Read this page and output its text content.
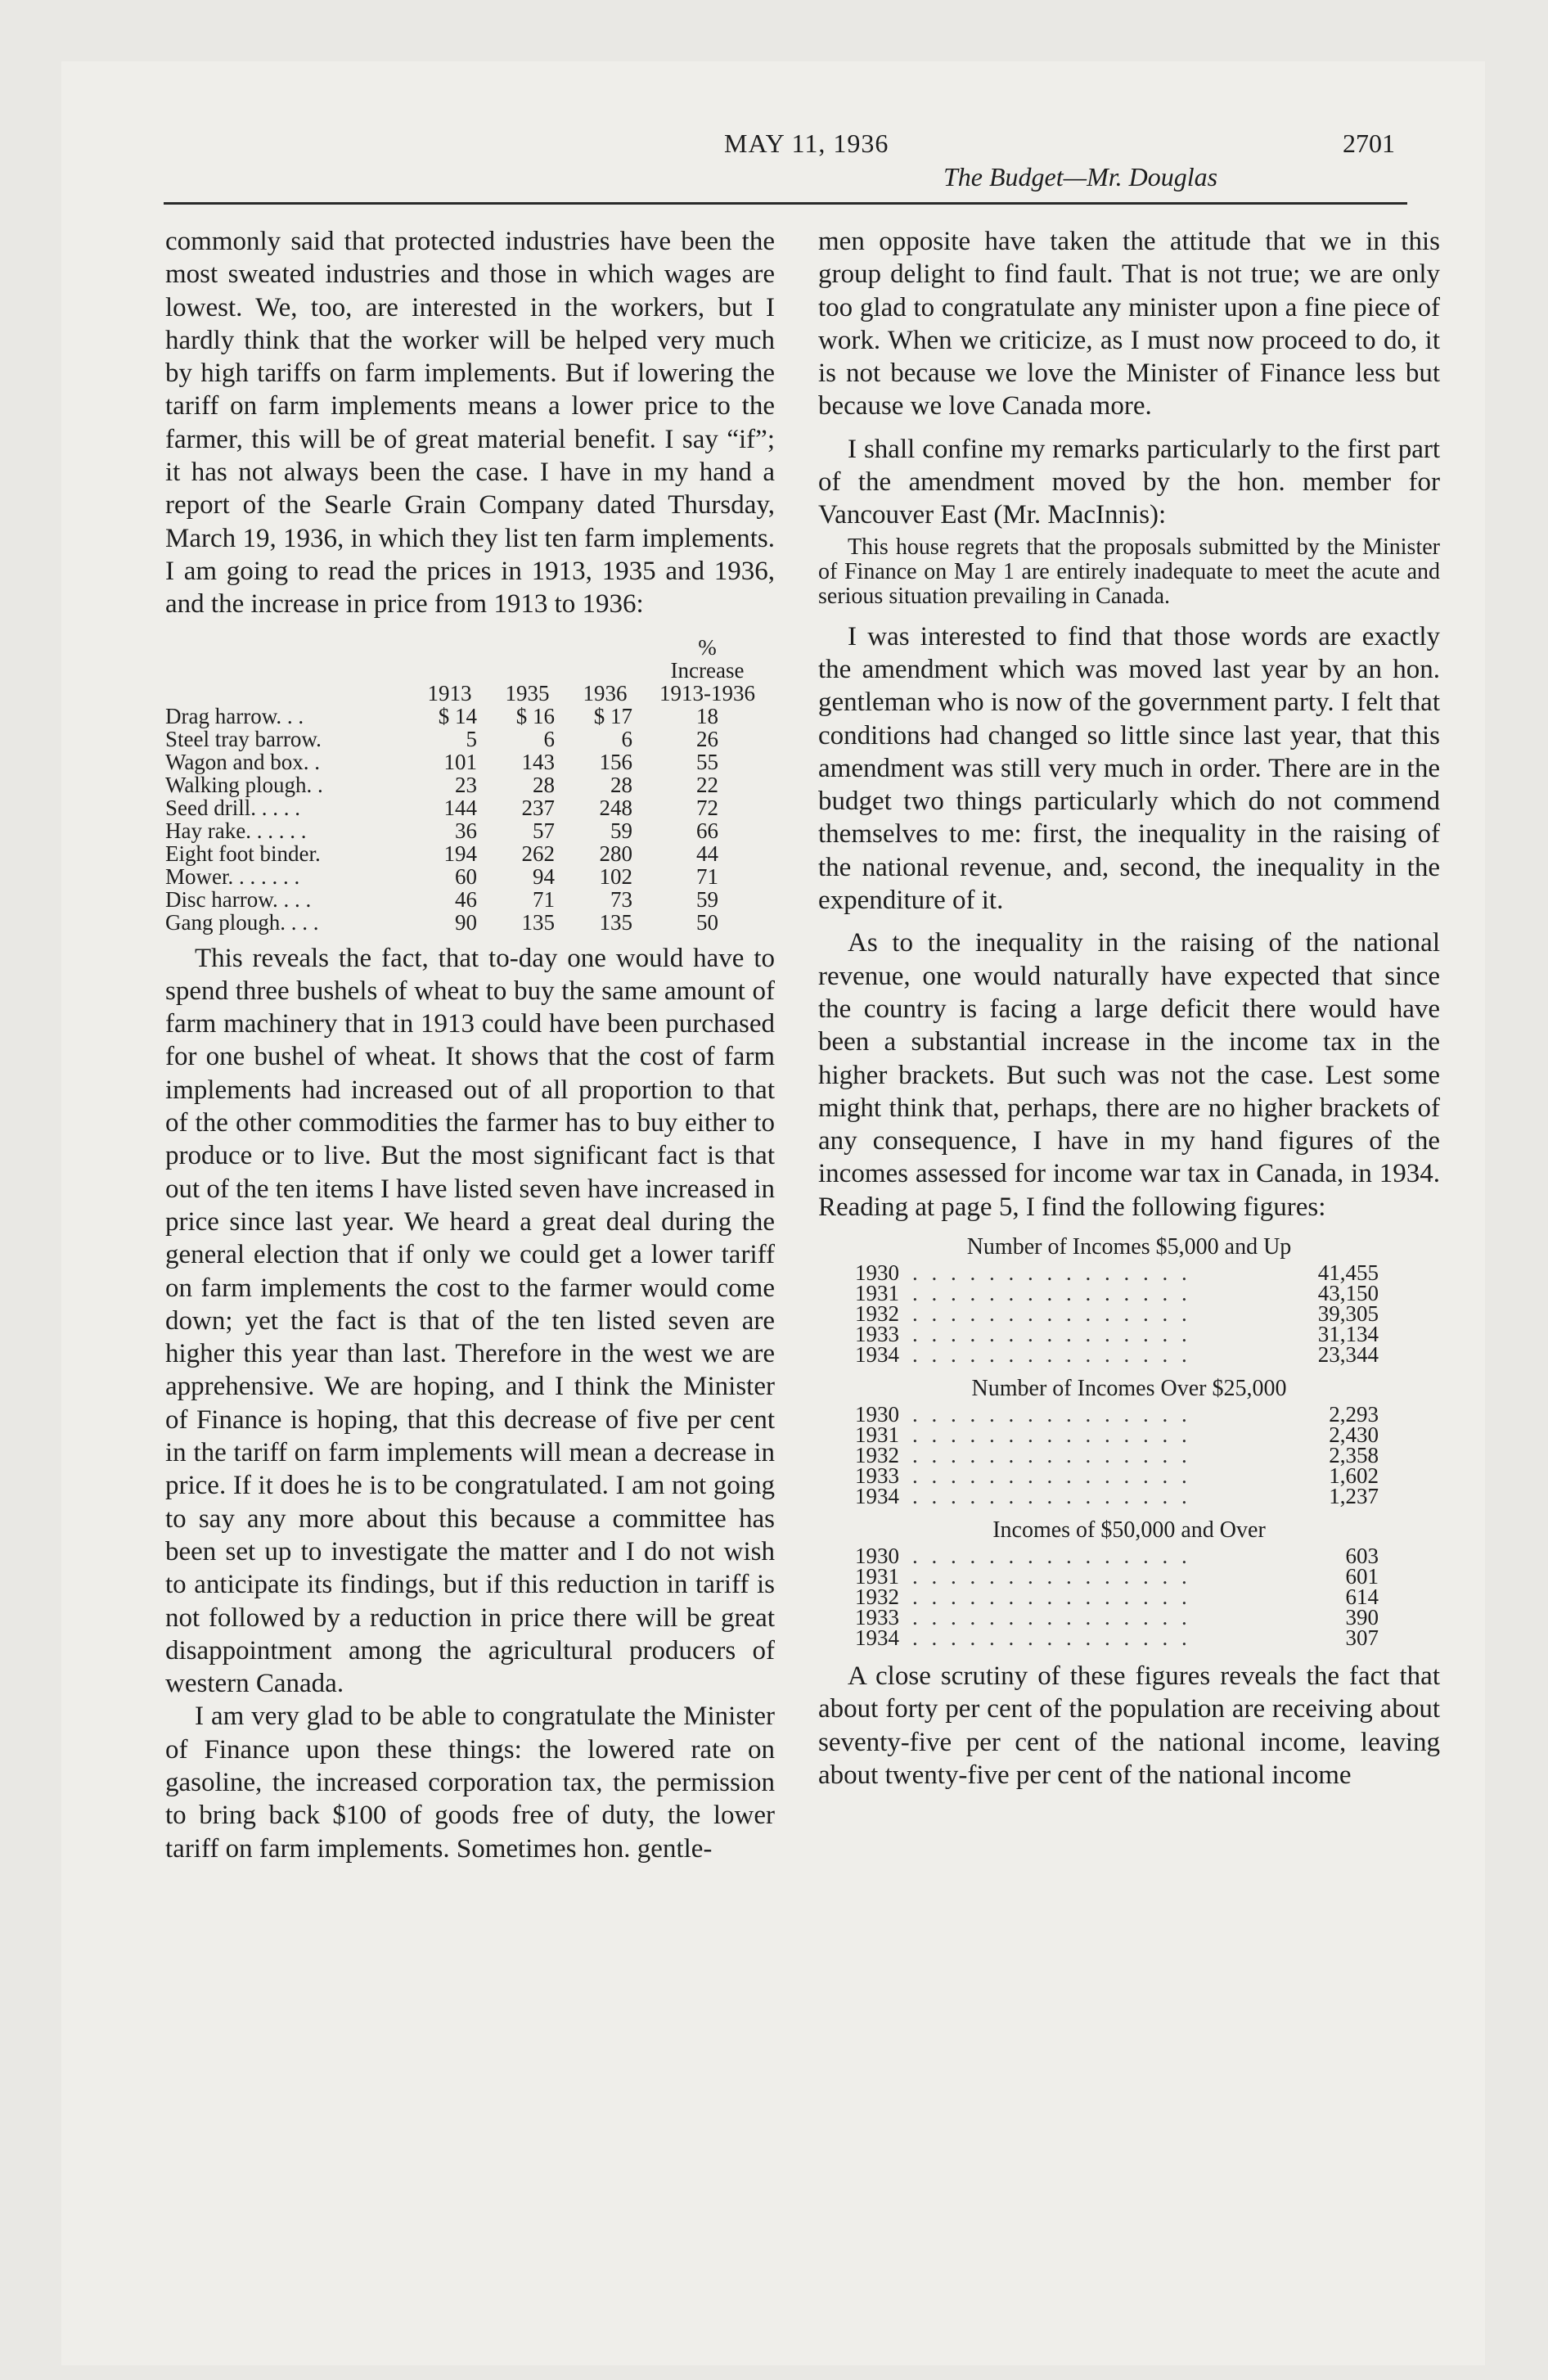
MAY 11, 1936	2701
The Budget—Mr. Douglas

commonly said that protected industries have been the most sweated industries and those in which wages are lowest. We, too, are interested in the workers, but I hardly think that the worker will be helped very much by high tariffs on farm implements. But if lowering the tariff on farm implements means a lower price to the farmer, this will be of great material benefit. I say “if”; it has not always been the case. I have in my hand a report of the Searle Grain Company dated Thursday, March 19, 1936, in which they list ten farm implements. I am going to read the prices in 1913, 1935 and 1936, and the increase in price from 1913 to 1936:

				%
				Increase
	1913	1935	1936	1913-1936
Drag harrow. . .	$ 14	$ 16	$ 17	18
Steel tray barrow.	5	6	6	26
Wagon and box. .	101	143	156	55
Walking plough. .	23	28	28	22
Seed drill. . . . .	144	237	248	72
Hay rake. . . . . .	36	57	59	66
Eight foot binder.	194	262	280	44
Mower. . . . . . .	60	94	102	71
Disc harrow. . . .	46	71	73	59
Gang plough. . . .	90	135	135	50

This reveals the fact, that to-day one would have to spend three bushels of wheat to buy the same amount of farm machinery that in 1913 could have been purchased for one bushel of wheat. It shows that the cost of farm implements had increased out of all proportion to that of the other commodities the farmer has to buy either to produce or to live. But the most significant fact is that out of the ten items I have listed seven have increased in price since last year. We heard a great deal during the general election that if only we could get a lower tariff on farm implements the cost to the farmer would come down; yet the fact is that of the ten listed seven are higher this year than last. Therefore in the west we are apprehensive. We are hoping, and I think the Minister of Finance is hoping, that this decrease of five per cent in the tariff on farm implements will mean a decrease in price. If it does he is to be congratulated. I am not going to say any more about this because a committee has been set up to investigate the matter and I do not wish to anticipate its findings, but if this reduction in tariff is not followed by a reduction in price there will be great disappointment among the agricultural producers of western Canada.

I am very glad to be able to congratulate the Minister of Finance upon these things: the lowered rate on gasoline, the increased corporation tax, the permission to bring back $100 of goods free of duty, the lower tariff on farm implements. Sometimes hon. gentle-

men opposite have taken the attitude that we in this group delight to find fault. That is not true; we are only too glad to congratulate any minister upon a fine piece of work. When we criticize, as I must now proceed to do, it is not because we love the Minister of Finance less but because we love Canada more.

I shall confine my remarks particularly to the first part of the amendment moved by the hon. member for Vancouver East (Mr. MacInnis):

This house regrets that the proposals submitted by the Minister of Finance on May 1 are entirely inadequate to meet the acute and serious situation prevailing in Canada.

I was interested to find that those words are exactly the amendment which was moved last year by an hon. gentleman who is now of the government party. I felt that conditions had changed so little since last year, that this amendment was still very much in order. There are in the budget two things particularly which do not commend themselves to me: first, the inequality in the raising of the national revenue, and, second, the inequality in the expenditure of it.

As to the inequality in the raising of the national revenue, one would naturally have expected that since the country is facing a large deficit there would have been a substantial increase in the income tax in the higher brackets. But such was not the case. Lest some might think that, perhaps, there are no higher brackets of any consequence, I have in my hand figures of the incomes assessed for income war tax in Canada, in 1934. Reading at page 5, I find the following figures:

Number of Incomes $5,000 and Up
1930	. . . . . . . . . . . . . . .	41,455
1931	. . . . . . . . . . . . . . .	43,150
1932	. . . . . . . . . . . . . . .	39,305
1933	. . . . . . . . . . . . . . .	31,134
1934	. . . . . . . . . . . . . . .	23,344
Number of Incomes Over $25,000
1930	. . . . . . . . . . . . . . .	2,293
1931	. . . . . . . . . . . . . . .	2,430
1932	. . . . . . . . . . . . . . .	2,358
1933	. . . . . . . . . . . . . . .	1,602
1934	. . . . . . . . . . . . . . .	1,237
Incomes of $50,000 and Over
1930	. . . . . . . . . . . . . . .	603
1931	. . . . . . . . . . . . . . .	601
1932	. . . . . . . . . . . . . . .	614
1933	. . . . . . . . . . . . . . .	390
1934	. . . . . . . . . . . . . . .	307

A close scrutiny of these figures reveals the fact that about forty per cent of the population are receiving about seventy-five per cent of the national income, leaving about twenty-five per cent of the national income
